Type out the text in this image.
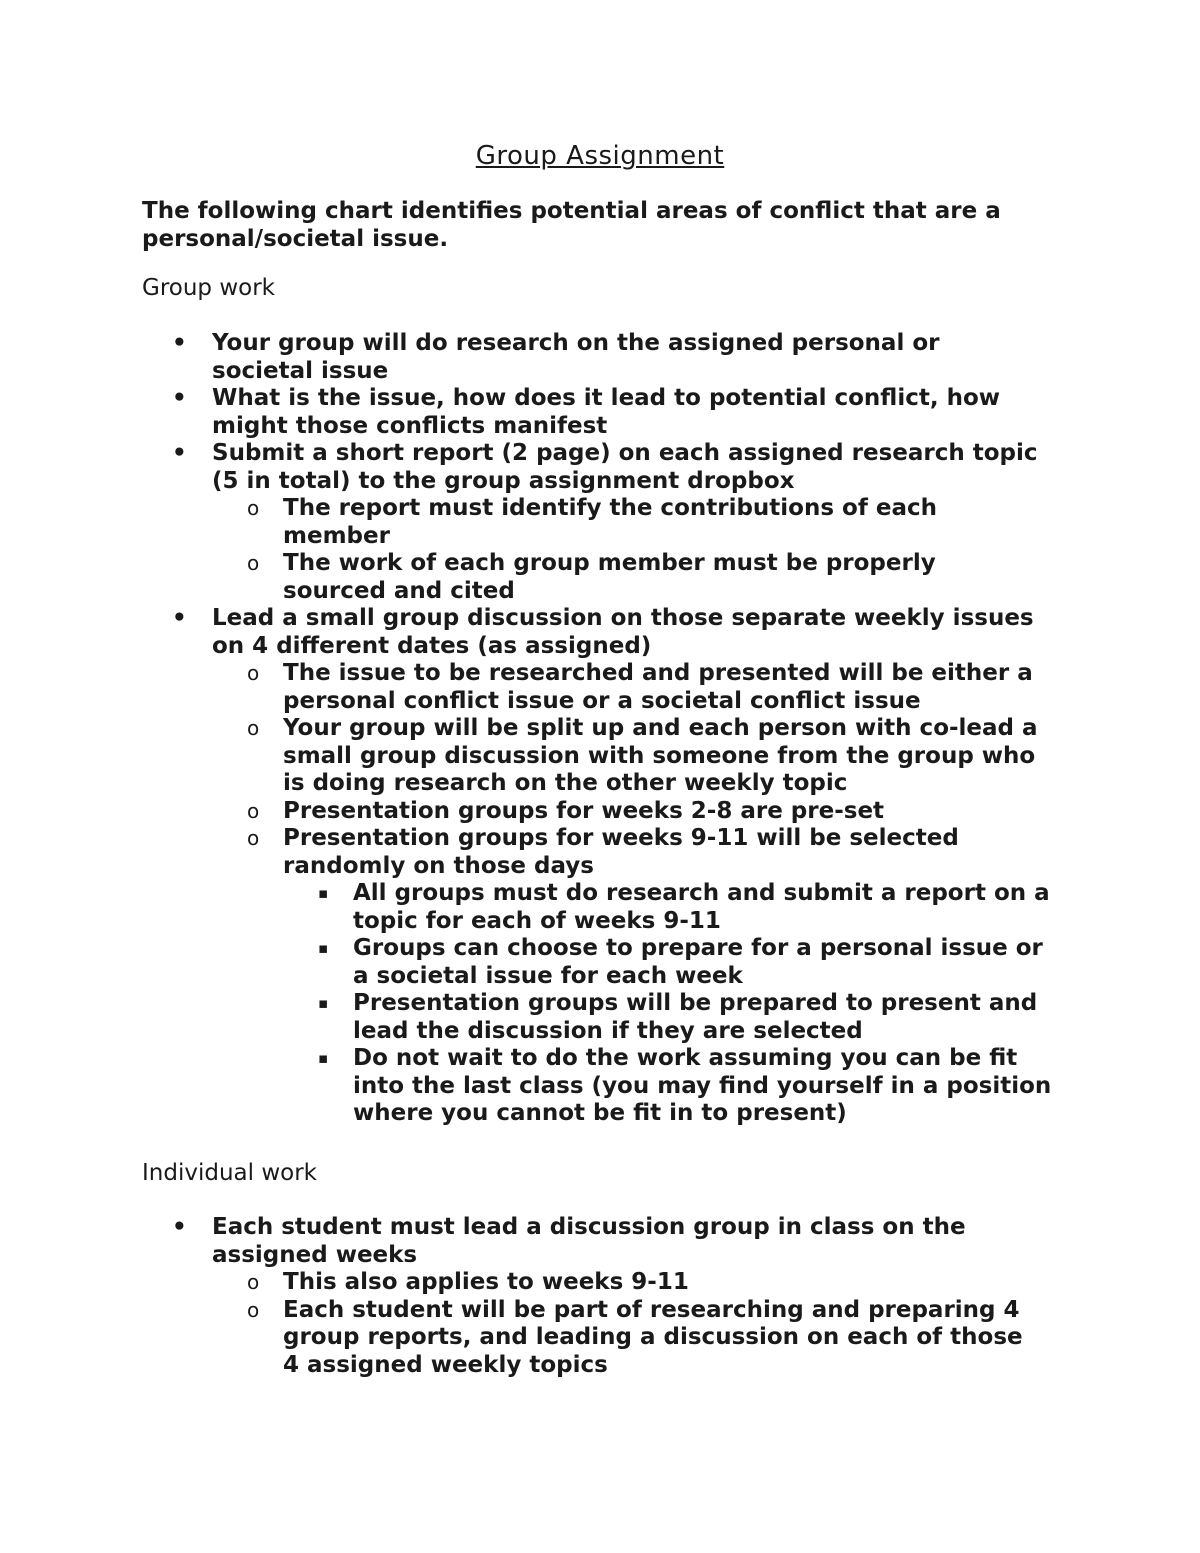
Group Assignment

The following chart identifies potential areas of conflict that are a personal/societal issue.

Group work
• Your group will do research on the assigned personal or societal issue
• What is the issue, how does it lead to potential conflict, how might those conflicts manifest
• Submit a short report (2 page) on each assigned research topic (5 in total) to the group assignment dropbox
o The report must identify the contributions of each member
o The work of each group member must be properly sourced and cited
• Lead a small group discussion on those separate weekly issues on 4 different dates (as assigned)
o The issue to be researched and presented will be either a personal conflict issue or a societal conflict issue
o Your group will be split up and each person with co-lead a small group discussion with someone from the group who is doing research on the other weekly topic
o Presentation groups for weeks 2-8 are pre-set
o Presentation groups for weeks 9-11 will be selected randomly on those days
▪ All groups must do research and submit a report on a topic for each of weeks 9-11
▪ Groups can choose to prepare for a personal issue or a societal issue for each week
▪ Presentation groups will be prepared to present and lead the discussion if they are selected
▪ Do not wait to do the work assuming you can be fit into the last class (you may find yourself in a position where you cannot be fit in to present)
Individual work
• Each student must lead a discussion group in class on the assigned weeks
o This also applies to weeks 9-11
o Each student will be part of researching and preparing 4 group reports, and leading a discussion on each of those 4 assigned weekly topics
